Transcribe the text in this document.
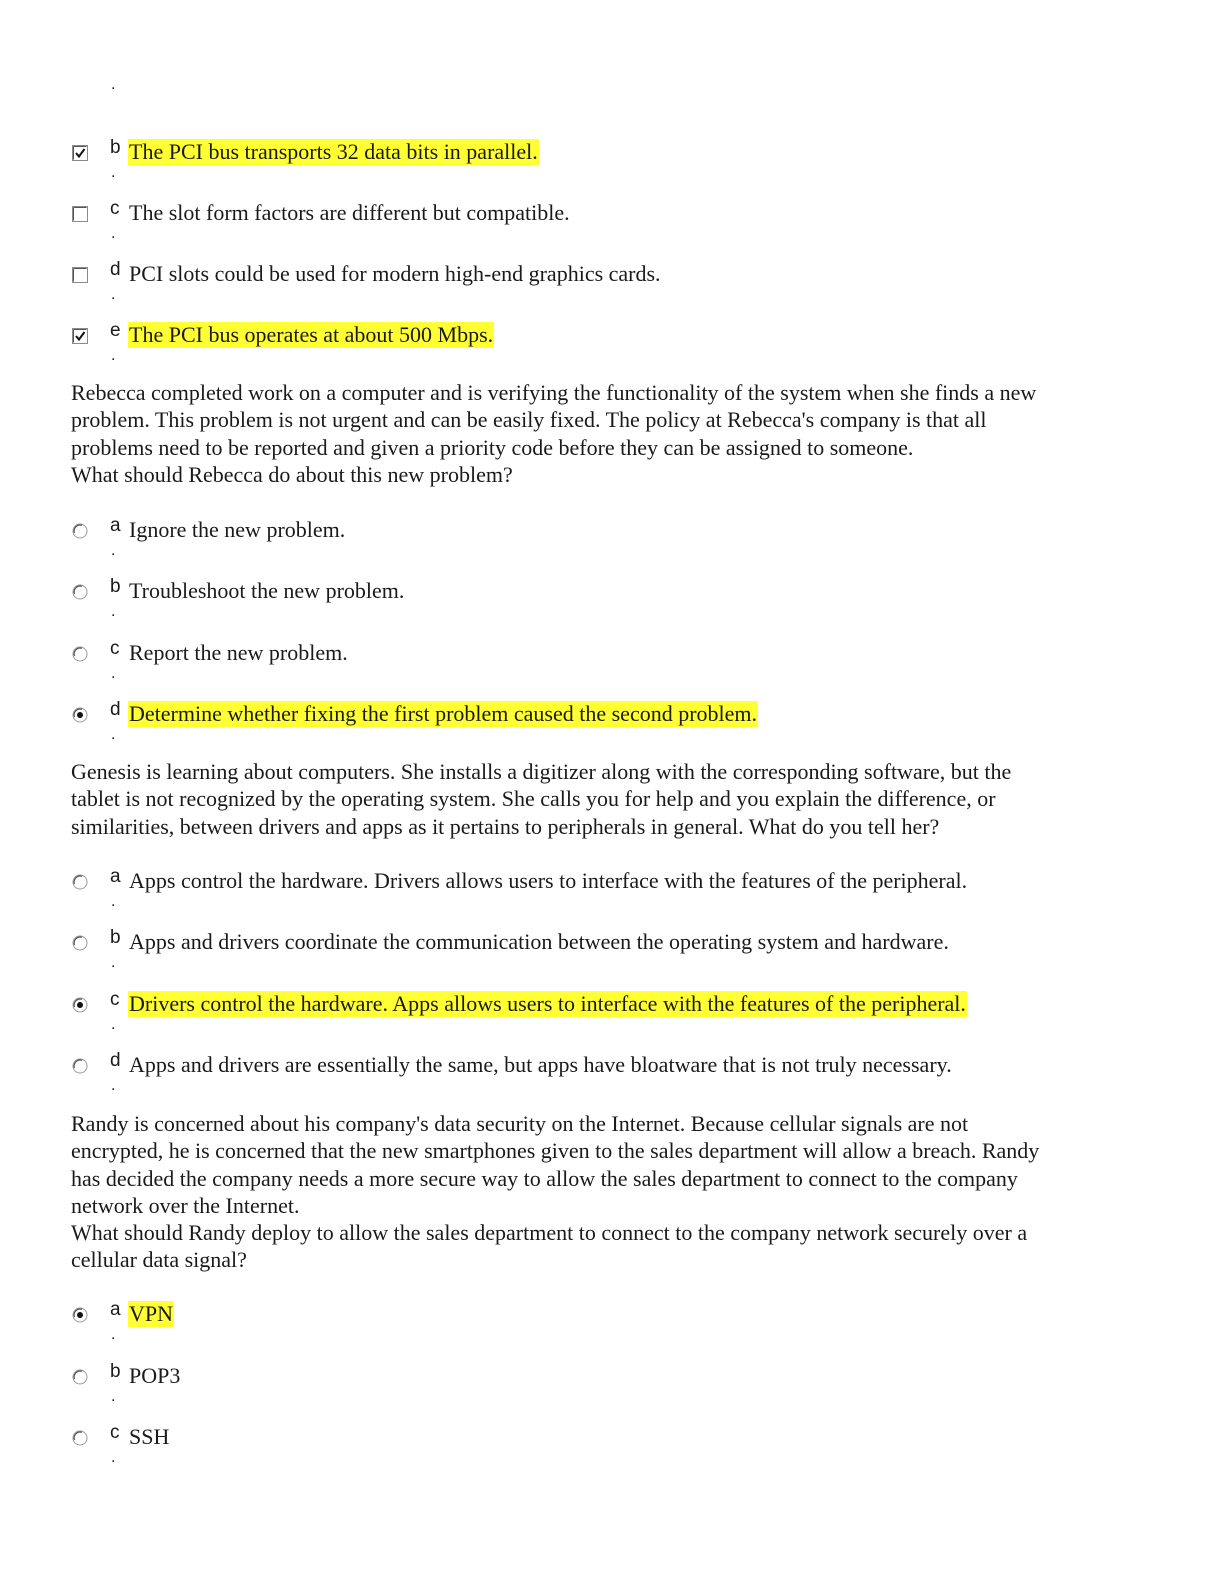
.
b The PCI bus transports 32 data bits in parallel.
.
c The slot form factors are different but compatible.
.
d PCI slots could be used for modern high-end graphics cards.
.
e The PCI bus operates at about 500 Mbps.
.
Rebecca completed work on a computer and is verifying the functionality of the system when she finds a new
problem. This problem is not urgent and can be easily fixed. The policy at Rebecca's company is that all
problems need to be reported and given a priority code before they can be assigned to someone.
What should Rebecca do about this new problem?
a Ignore the new problem.
.
b Troubleshoot the new problem.
.
c Report the new problem.
.
d Determine whether fixing the first problem caused the second problem.
.
Genesis is learning about computers. She installs a digitizer along with the corresponding software, but the
tablet is not recognized by the operating system. She calls you for help and you explain the difference, or
similarities, between drivers and apps as it pertains to peripherals in general. What do you tell her?
a Apps control the hardware. Drivers allows users to interface with the features of the peripheral.
.
b Apps and drivers coordinate the communication between the operating system and hardware.
.
c Drivers control the hardware. Apps allows users to interface with the features of the peripheral.
.
d Apps and drivers are essentially the same, but apps have bloatware that is not truly necessary.
.
Randy is concerned about his company's data security on the Internet. Because cellular signals are not
encrypted, he is concerned that the new smartphones given to the sales department will allow a breach. Randy
has decided the company needs a more secure way to allow the sales department to connect to the company
network over the Internet.
What should Randy deploy to allow the sales department to connect to the company network securely over a
cellular data signal?
a VPN
.
b POP3
.
c SSH
.
